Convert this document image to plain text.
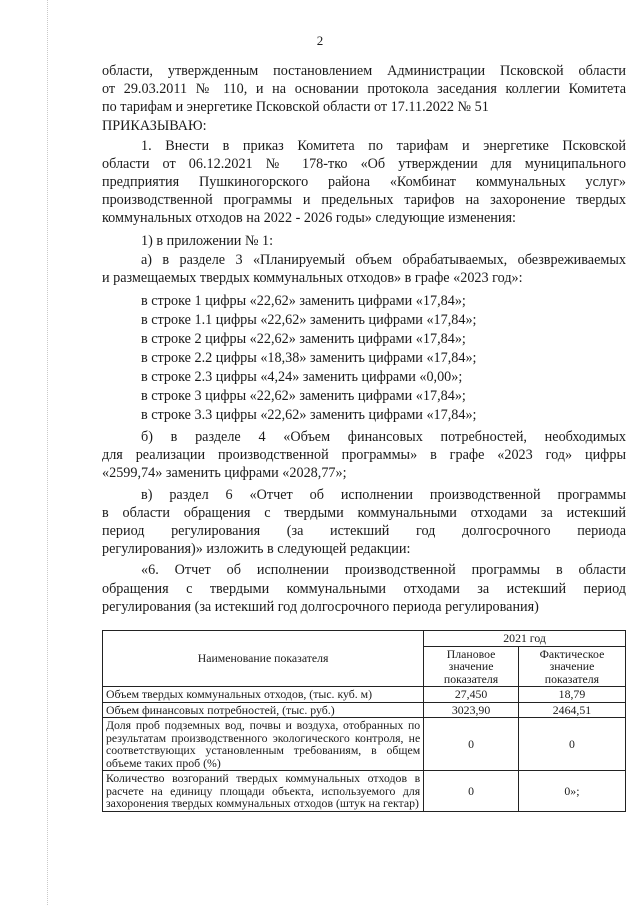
2
области, утвержденным постановлением Администрации Псковской области
от 29.03.2011 № 110, и на основании протокола заседания коллегии Комитета
по тарифам и энергетике Псковской области от 17.11.2022 № 51
ПРИКАЗЫВАЮ:
1. Внести в приказ Комитета по тарифам и энергетике Псковской
области от 06.12.2021 № 178-тко «Об утверждении для муниципального
предприятия Пушкиногорского района «Комбинат коммунальных услуг»
производственной программы и предельных тарифов на захоронение твердых
коммунальных отходов на 2022 - 2026 годы» следующие изменения:
1) в приложении № 1:
а) в разделе 3 «Планируемый объем обрабатываемых, обезвреживаемых
и размещаемых твердых коммунальных отходов» в графе «2023 год»:
в строке 1 цифры «22,62» заменить цифрами «17,84»;
в строке 1.1 цифры «22,62» заменить цифрами «17,84»;
в строке 2 цифры «22,62» заменить цифрами «17,84»;
в строке 2.2 цифры «18,38» заменить цифрами «17,84»;
в строке 2.3 цифры «4,24» заменить цифрами «0,00»;
в строке 3 цифры «22,62» заменить цифрами «17,84»;
в строке 3.3 цифры «22,62» заменить цифрами «17,84»;
б) в разделе 4 «Объем финансовых потребностей, необходимых
для реализации производственной программы» в графе «2023 год» цифры
«2599,74» заменить цифрами «2028,77»;
в) раздел 6 «Отчет об исполнении производственной программы
в области обращения с твердыми коммунальными отходами за истекший
период регулирования (за истекший год долгосрочного периода
регулирования)» изложить в следующей редакции:
«6. Отчет об исполнении производственной программы в области
обращения с твердыми коммунальными отходами за истекший период
регулирования (за истекший год долгосрочного периода регулирования)
Наименование показателя	2021 год	
	Плановое значение показателя	Фактическое значение показателя
Объем твердых коммунальных отходов, (тыс. куб. м)	27,450	18,79
Объем финансовых потребностей, (тыс. руб.)	3023,90	2464,51
Доля проб подземных вод, почвы и воздуха, отобранных по результатам производственного экологического контроля, не соответствующих установленным требованиям, в общем объеме таких проб (%)	0	0
Количество возгораний твердых коммунальных отходов в расчете на единицу площади объекта, используемого для захоронения твердых коммунальных отходов (штук на гектар)	0	0»;
